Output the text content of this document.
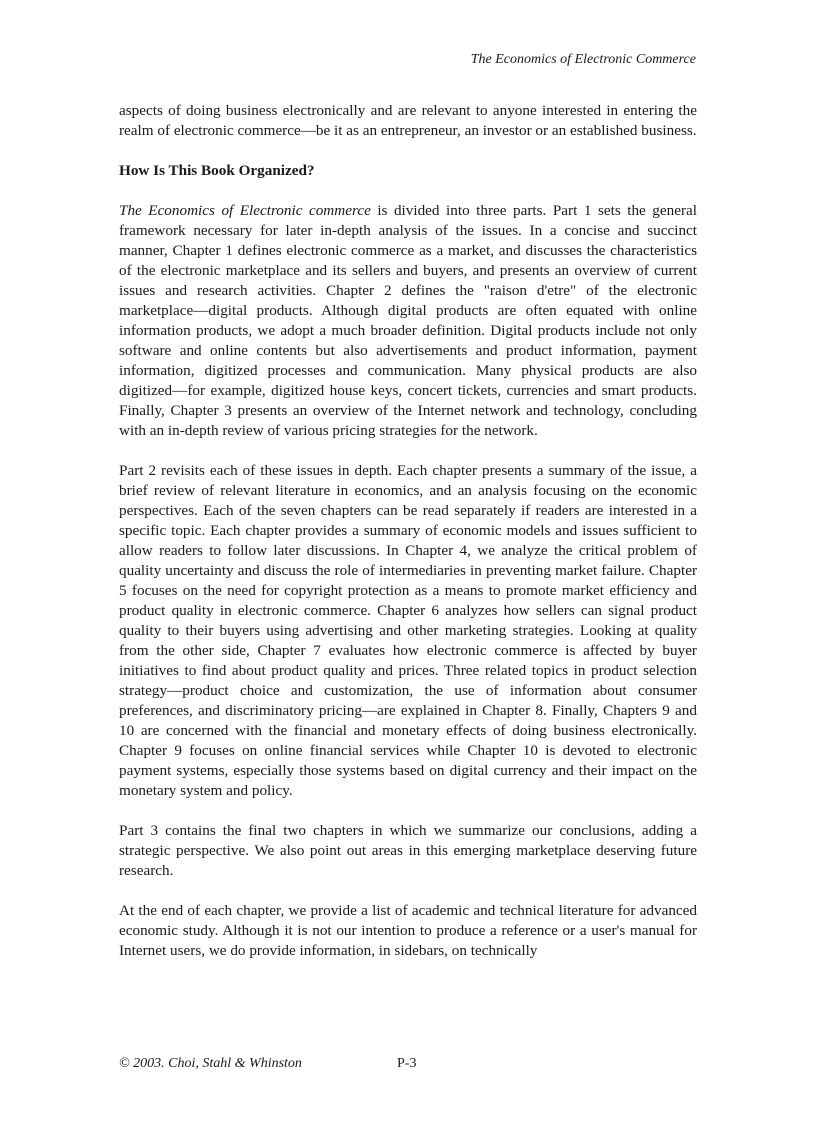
The Economics of Electronic Commerce

aspects of doing business electronically and are relevant to anyone interested in entering the realm of electronic commerce—be it as an entrepreneur, an investor or an established business.

How Is This Book Organized?

The Economics of Electronic commerce is divided into three parts. Part 1 sets the general framework necessary for later in-depth analysis of the issues. In a concise and succinct manner, Chapter 1 defines electronic commerce as a market, and discusses the characteristics of the electronic marketplace and its sellers and buyers, and presents an overview of current issues and research activities. Chapter 2 defines the "raison d'etre" of the electronic marketplace—digital products. Although digital products are often equated with online information products, we adopt a much broader definition. Digital products include not only software and online contents but also advertisements and product information, payment information, digitized processes and communication. Many physical products are also digitized—for example, digitized house keys, concert tickets, currencies and smart products. Finally, Chapter 3 presents an overview of the Internet network and technology, concluding with an in-depth review of various pricing strategies for the network.

Part 2 revisits each of these issues in depth. Each chapter presents a summary of the issue, a brief review of relevant literature in economics, and an analysis focusing on the economic perspectives. Each of the seven chapters can be read separately if readers are interested in a specific topic. Each chapter provides a summary of economic models and issues sufficient to allow readers to follow later discussions. In Chapter 4, we analyze the critical problem of quality uncertainty and discuss the role of intermediaries in preventing market failure. Chapter 5 focuses on the need for copyright protection as a means to promote market efficiency and product quality in electronic commerce. Chapter 6 analyzes how sellers can signal product quality to their buyers using advertising and other marketing strategies. Looking at quality from the other side, Chapter 7 evaluates how electronic commerce is affected by buyer initiatives to find about product quality and prices. Three related topics in product selection strategy—product choice and customization, the use of information about consumer preferences, and discriminatory pricing—are explained in Chapter 8. Finally, Chapters 9 and 10 are concerned with the financial and monetary effects of doing business electronically. Chapter 9 focuses on online financial services while Chapter 10 is devoted to electronic payment systems, especially those systems based on digital currency and their impact on the monetary system and policy.

Part 3 contains the final two chapters in which we summarize our conclusions, adding a strategic perspective. We also point out areas in this emerging marketplace deserving future research.

At the end of each chapter, we provide a list of academic and technical literature for advanced economic study. Although it is not our intention to produce a reference or a user's manual for Internet users, we do provide information, in sidebars, on technically

© 2003. Choi, Stahl & Whinston	P-3
